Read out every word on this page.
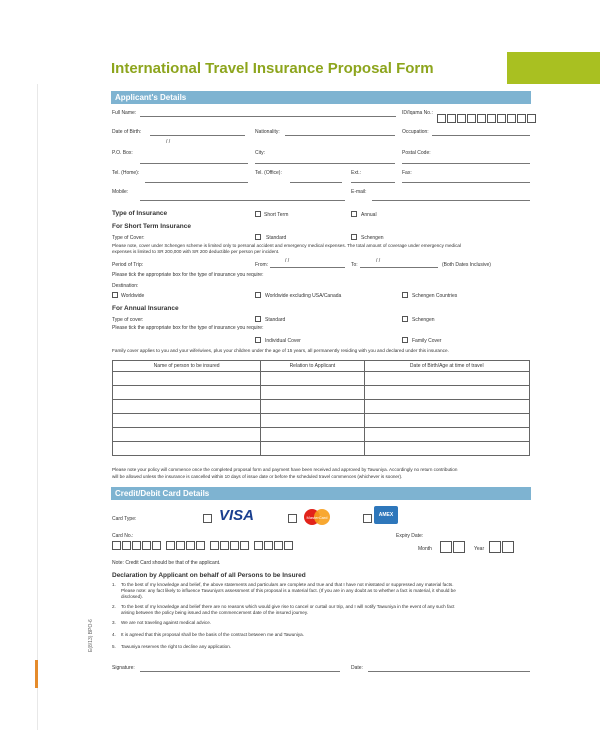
International Travel Insurance Proposal Form
E(8/13) BPO-6
Applicant's Details
Full Name:	ID/Iqama No.:
Date of Birth:
/ /
Nationality:	Occupation:
P.O. Box:	City:	Postal Code:
Tel. (Home):	Tel. (Office):	Ext.:	Fax:
Mobile:	E-mail:
Type of Insurance	Short Term	Annual
For Short Term Insurance
Type of Cover:	Standard	Schengen
Please note, cover under Schengen scheme is limited only to personal accident and emergency medical expenses. The total amount of coverage under emergency medical
expenses is limited to SR 200,000 with SR 200 deductible per person per incident.
Period of Trip:	From:
/ /
To:
/ /
(Both Dates Inclusive)
Please tick the appropriate box for the type of insurance you require:
Destination:
Worldwide	Worldwide excluding USA/Canada	Schengen Countries
For Annual Insurance
Type of cover:	Standard	Schengen
Please tick the appropriate box for the type of insurance you require:
Individual Cover	Family Cover
Family cover applies to you and your wife/wives, plus your children under the age of 15 years, all permanently residing with you and declared under this insurance.
Name of person to be insured	Relation to Applicant	Date of Birth/Age at time of travel

Please note your policy will commence once the completed proposal form and payment have been received and approved by Tawuniya. Accordingly no return contribution
will be allowed unless the insurance is cancelled within 10 days of issue date or before the scheduled travel commences (whichever is sooner).
Credit/Debit Card Details
Card Type:	VISA	MasterCard	AMEX
Card No.:	Expiry Date:
Month	Year
Note: Credit Card should be that of the applicant.
Declaration by Applicant on behalf of all Persons to be Insured
1. To the best of my knowledge and belief, the above statements and particulars are complete and true and that I have not misstated or suppressed any material facts.
Please note: any fact likely to influence Tawuniya's assessment of this proposal is a material fact. (If you are in any doubt as to whether a fact is material, it should be
disclosed).
2. To the best of my knowledge and belief there are no reasons which would give rise to cancel or curtail our trip, and I will notify Tawuniya in the event of any such fact
arising between the policy being issued and the commencement date of the insured journey.
3. We are not traveling against medical advice.
4. It is agreed that this proposal shall be the basis of the contract between me and Tawuniya.
5. Tawuniya reserves the right to decline any application.
Signature:	Date:
